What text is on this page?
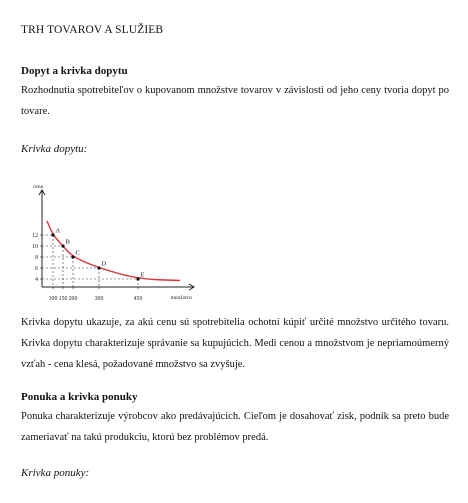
TRH TOVAROV A SLUŽIEB
Dopyt a krivka dopytu
Rozhodnutia spotrebiteľov o kupovanom množstve tovarov v závislosti od jeho ceny tvoria dopyt po tovare.
Krivka dopytu:
cena
množstvo
A
B
C
D
E
100 150 200	300	450
12
10
8
6
4
Krivka dopytu ukazuje, za akú cenu sú spotrebitelia ochotní kúpiť určité množstvo určitého tovaru. Krivka dopytu charakterizuje správanie sa kupujúcich. Medi cenou a množstvom je nepriamoúmerný vzťah - cena klesá, požadované množstvo sa zvyšuje.
Ponuka a krivka ponuky
Ponuka charakterizuje výrobcov ako predávajúcich. Cieľom je dosahovať zisk, podnik sa preto bude zameriavať na takú produkciu, ktorú bez problémov predá.
Krivka ponuky:
